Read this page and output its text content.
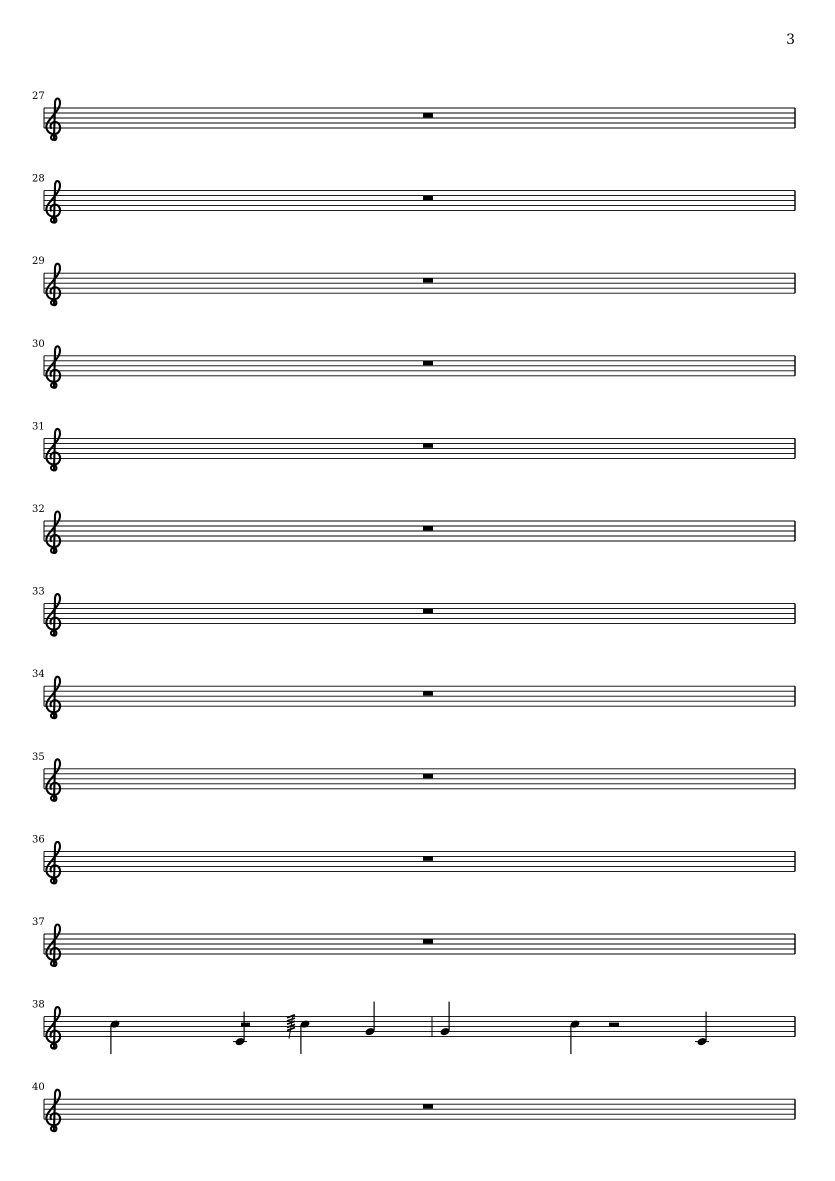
3
27
28
29
30
31
32
33
34
35
36
37
38
40
